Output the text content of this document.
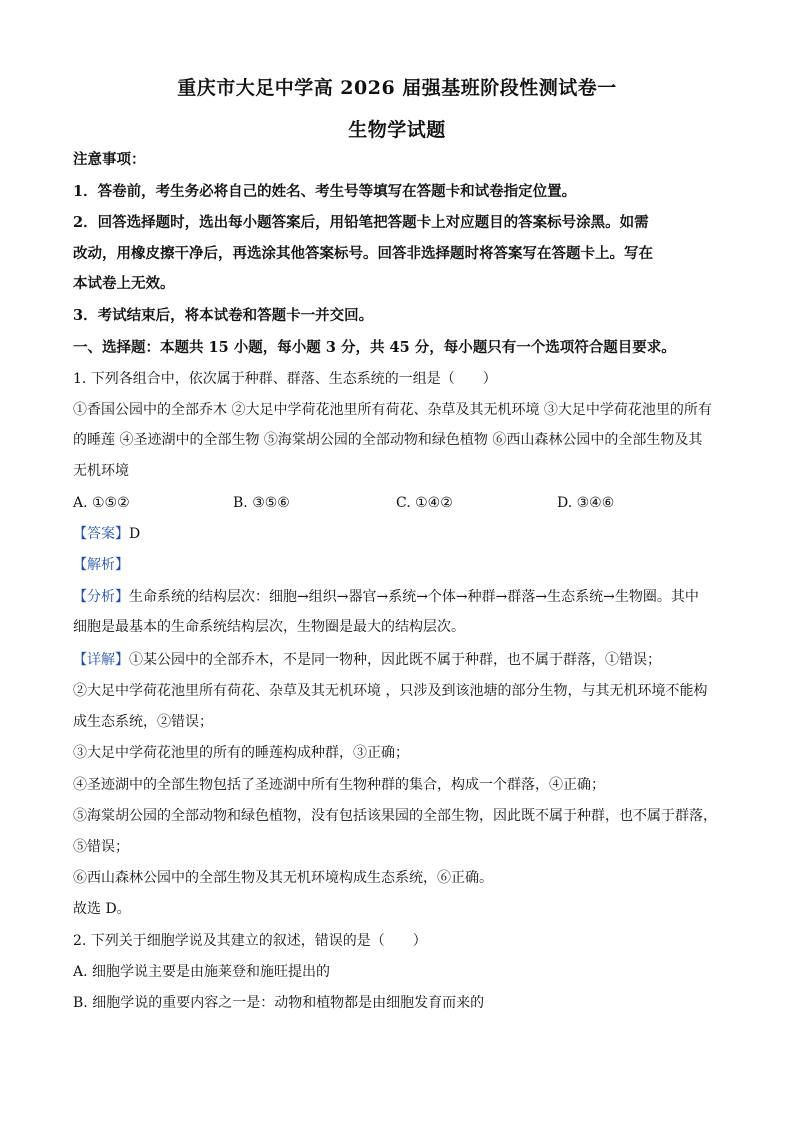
重庆市大足中学高 2026 届强基班阶段性测试卷一
生物学试题
注意事项：
1．答卷前，考生务必将自己的姓名、考生号等填写在答题卡和试卷指定位置。
2．回答选择题时，选出每小题答案后，用铅笔把答题卡上对应题目的答案标号涂黑。如需
改动，用橡皮擦干净后，再选涂其他答案标号。回答非选择题时将答案写在答题卡上。写在
本试卷上无效。
3．考试结束后，将本试卷和答题卡一并交回。
一、选择题：本题共 15 小题，每小题 3 分，共 45 分，每小题只有一个选项符合题目要求。
1. 下列各组合中，依次属于种群、群落、生态系统的一组是（　　）
①香国公园中的全部乔木 ②大足中学荷花池里所有荷花、杂草及其无机环境 ③大足中学荷花池里的所有
的睡莲 ④圣迹湖中的全部生物 ⑤海棠胡公园的全部动物和绿色植物 ⑥西山森林公园中的全部生物及其
无机环境
A. ①⑤②	B. ③⑤⑥	C. ①④②	D. ③④⑥
【答案】D
【解析】
【分析】生命系统的结构层次：细胞→组织→器官→系统→个体→种群→群落→生态系统→生物圈。其中
细胞是最基本的生命系统结构层次，生物圈是最大的结构层次。
【详解】①某公园中的全部乔木，不是同一物种，因此既不属于种群，也不属于群落，①错误；
②大足中学荷花池里所有荷花、杂草及其无机环境 ，只涉及到该池塘的部分生物，与其无机环境不能构
成生态系统，②错误；
③大足中学荷花池里的所有的睡莲构成种群，③正确；
④圣迹湖中的全部生物包括了圣迹湖中所有生物种群的集合，构成一个群落，④正确；
⑤海棠胡公园的全部动物和绿色植物，没有包括该果园的全部生物，因此既不属于种群，也不属于群落，
⑤错误；
⑥西山森林公园中的全部生物及其无机环境构成生态系统，⑥正确。
故选 D。
2. 下列关于细胞学说及其建立的叙述，错误的是（　　）
A. 细胞学说主要是由施莱登和施旺提出的
B. 细胞学说的重要内容之一是：动物和植物都是由细胞发育而来的
